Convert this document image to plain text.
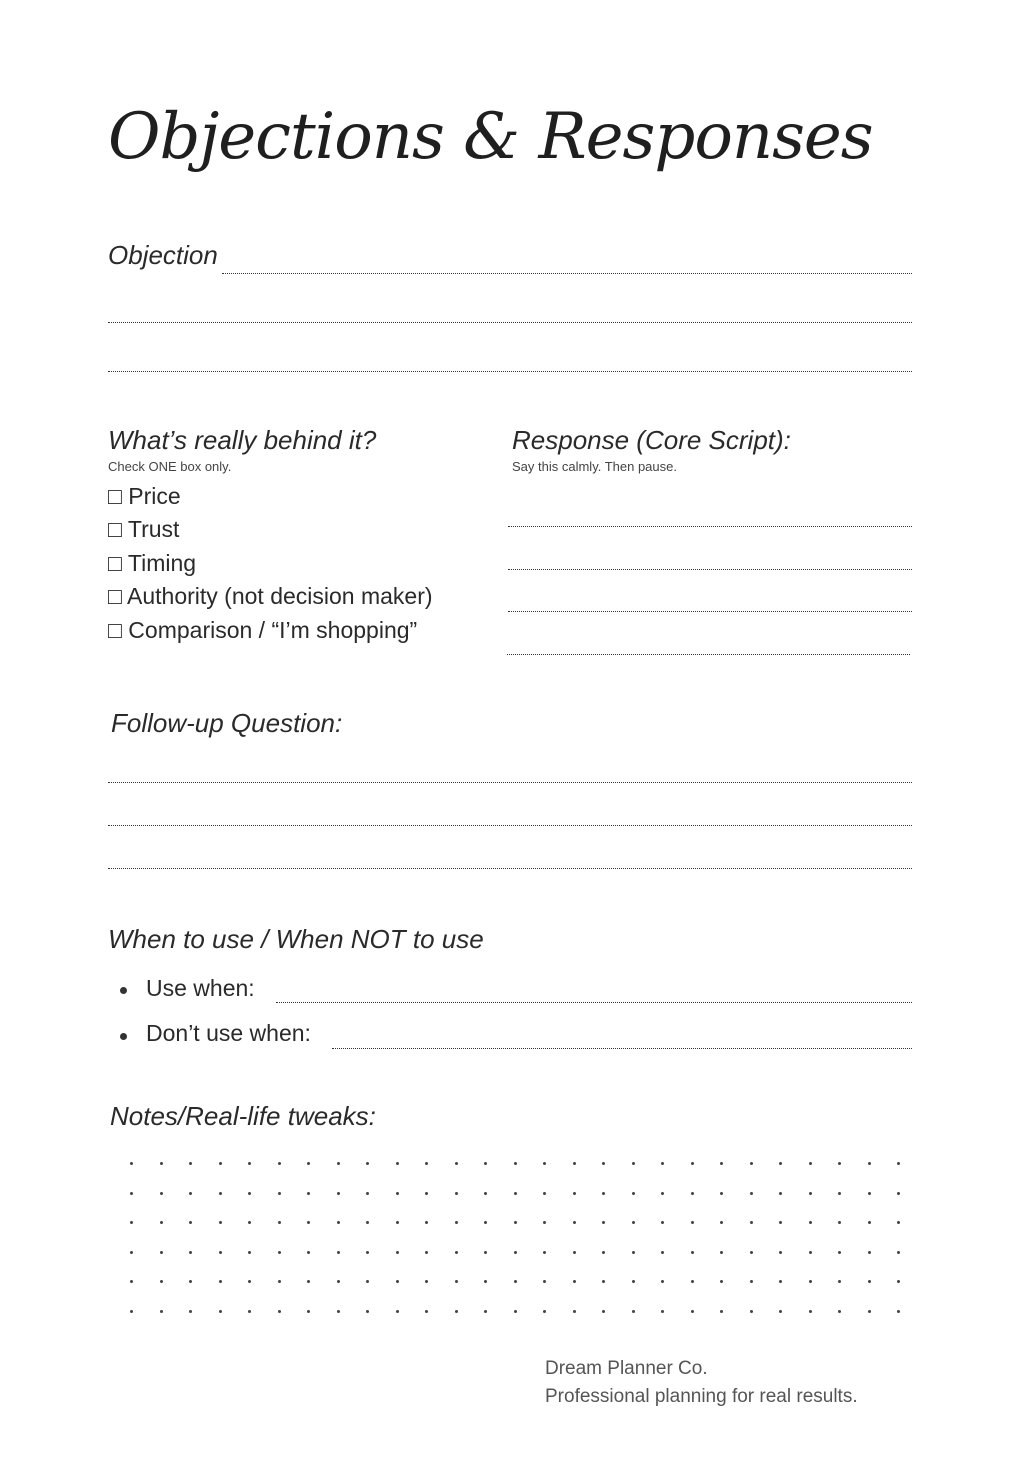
Objections & Responses
Objection
What’s really behind it?
Check ONE box only.
□ Price
□ Trust
□ Timing
□ Authority (not decision maker)
□ Comparison / “I’m shopping”
Response (Core Script):
Say this calmly. Then pause.
Follow-up Question:
When to use / When NOT to use
Use when:
Don’t use when:
Notes/Real-life tweaks:
Dream Planner Co.
Professional planning for real results.
